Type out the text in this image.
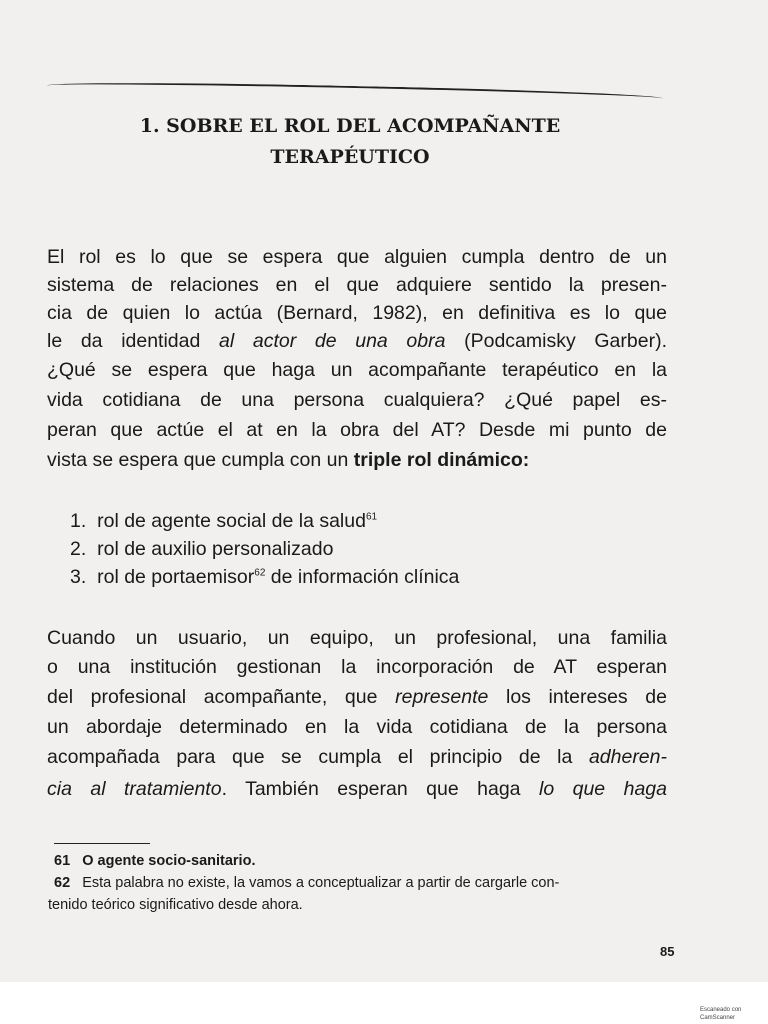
1. SOBRE EL ROL DEL ACOMPAÑANTE
TERAPÉUTICO
El rol es lo que se espera que alguien cumpla dentro de un
sistema de relaciones en el que adquiere sentido la presen-
cia de quien lo actúa (Bernard, 1982), en definitiva es lo que
le da identidad al actor de una obra (Podcamisky Garber).
¿Qué se espera que haga un acompañante terapéutico en la
vida cotidiana de una persona cualquiera? ¿Qué papel es-
peran que actúe el at en la obra del AT? Desde mi punto de
vista se espera que cumpla con un triple rol dinámico:
1. rol de agente social de la salud$^{61}$
2. rol de auxilio personalizado
3. rol de portaemisor$^{62}$ de información clínica
Cuando un usuario, un equipo, un profesional, una familia
o una institución gestionan la incorporación de AT esperan
del profesional acompañante, que represente los intereses de
un abordaje determinado en la vida cotidiana de la persona
acompañada para que se cumpla el principio de la adheren-
cia al tratamiento. También esperan que haga lo que haga
61 O agente socio-sanitario.
62 Esta palabra no existe, la vamos a conceptualizar a partir de cargarle con-
tenido teórico significativo desde ahora.
85
Escaneado con CamScanner
